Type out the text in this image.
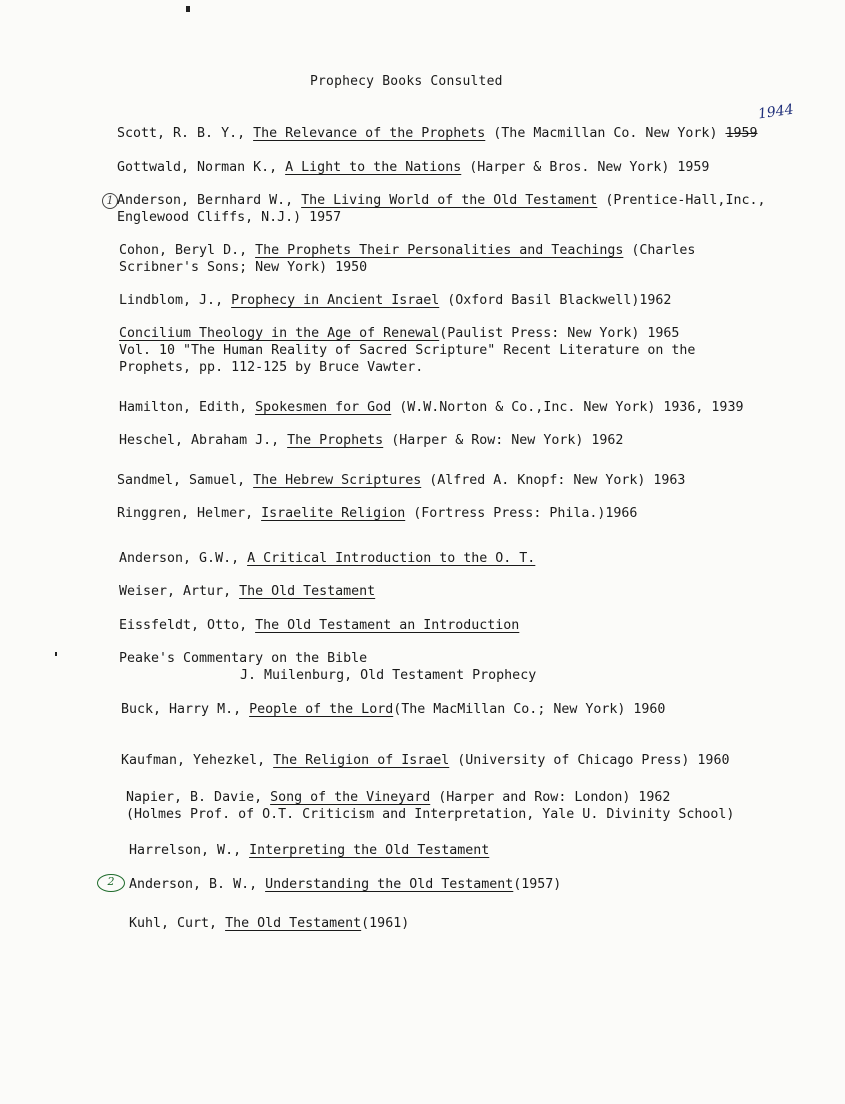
Prophecy Books Consulted
Scott, R. B. Y., The Relevance of the Prophets (The Macmillan Co. New York) 1959
1944
Gottwald, Norman K., A Light to the Nations (Harper & Bros. New York) 1959
1 Anderson, Bernhard W., The Living World of the Old Testament (Prentice-Hall,Inc.,
Englewood Cliffs, N.J.) 1957
Cohon, Beryl D., The Prophets Their Personalities and Teachings (Charles
Scribner's Sons; New York) 1950
Lindblom, J., Prophecy in Ancient Israel (Oxford Basil Blackwell)1962
Concilium Theology in the Age of Renewal(Paulist Press: New York) 1965
Vol. 10 "The Human Reality of Sacred Scripture" Recent Literature on the
Prophets, pp. 112-125 by Bruce Vawter.
Hamilton, Edith, Spokesmen for God (W.W.Norton & Co.,Inc. New York) 1936, 1939
Heschel, Abraham J., The Prophets (Harper & Row: New York) 1962
Sandmel, Samuel, The Hebrew Scriptures (Alfred A. Knopf: New York) 1963
Ringgren, Helmer, Israelite Religion (Fortress Press: Phila.)1966
Anderson, G.W., A Critical Introduction to the O. T.
Weiser, Artur, The Old Testament
Eissfeldt, Otto, The Old Testament an Introduction
Peake's Commentary on the Bible
J. Muilenburg, Old Testament Prophecy
Buck, Harry M., People of the Lord(The MacMillan Co.; New York) 1960
Kaufman, Yehezkel, The Religion of Israel (University of Chicago Press) 1960
Napier, B. Davie, Song of the Vineyard (Harper and Row: London) 1962
(Holmes Prof. of O.T. Criticism and Interpretation, Yale U. Divinity School)
Harrelson, W., Interpreting the Old Testament
2	Anderson, B. W., Understanding the Old Testament(1957)
Kuhl, Curt, The Old Testament(1961)
